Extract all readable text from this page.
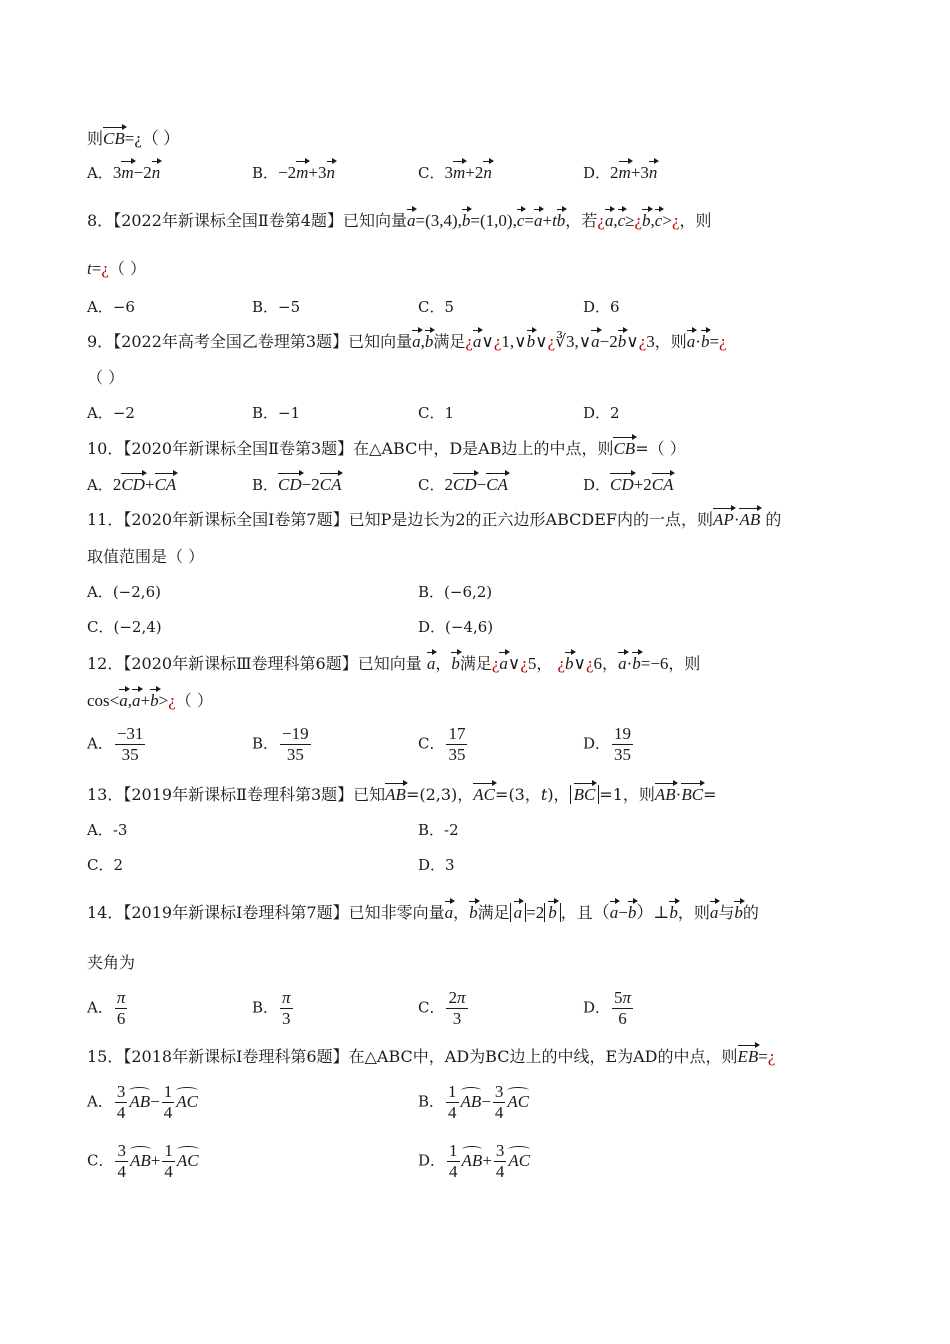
则CB=¿（ ）
A．3m−2n	B．−2m+3n	C．3m+2n	D．2m+3n
8．【2022年新课标全国Ⅱ卷第4题】已知向量a=(3,4),b=(1,0),c=a+tb，若¿a,c≥¿b,c>¿，则
t=¿（ ）
A．−6	B．−5	C．5	D．6
9．【2022年高考全国乙卷理第3题】已知向量a,b满足¿a∨¿1,∨b∨¿∛3,∨a−2b∨¿3，则a·b=¿
（ ）
A．−2	B．−1	C．1	D．2
10．【2020年新课标全国Ⅱ卷第3题】在△ABC中，D是AB边上的中点，则CB=（ ）
A．2CD+CA	B．CD−2CA	C．2CD−CA	D．CD+2CA
11．【2020年新课标全国Ⅰ卷第7题】已知P是边长为2的正六边形ABCDEF内的一点，则AP·AB 的
取值范围是（ ）
A．(−2,6)	B．(−6,2)
C．(−2,4)	D．(−4,6)
12．【2020年新课标Ⅲ卷理科第6题】已知向量 a，b满足¿a∨¿5， ¿b∨¿6，a·b=−6，则
cos<a,a+b>¿（ ）
A． $\frac{-31}{35}$	B． $\frac{-19}{35}$	C． $\frac{17}{35}$	D． $\frac{19}{35}$
13．【2019年新课标Ⅱ卷理科第3题】已知AB=(2,3)，AC=(3，t)， BC =1，则AB·BC=
A．-3	B．-2
C．2	D．3
14．【2019年新课标Ⅰ卷理科第7题】已知非零向量a，b满足 a =2 b ，且（a−b）⊥b，则a与b的
夹角为
A． $\frac{\pi}{6}$	B． $\frac{\pi}{3}$	C． $\frac{2\pi}{3}$	D． $\frac{5\pi}{6}$
15．【2018年新课标Ⅰ卷理科第6题】在△ABC中，AD为BC边上的中线，E为AD的中点，则EB=¿
A． $\frac{3}{4} AB- \frac{1}{4}$ AC	B． $\frac{1}{4} AB- \frac{3}{4}$ AC
C． $\frac{3}{4} AB+ \frac{1}{4}$ AC	D． $\frac{1}{4} AB+ \frac{3}{4}$ AC
